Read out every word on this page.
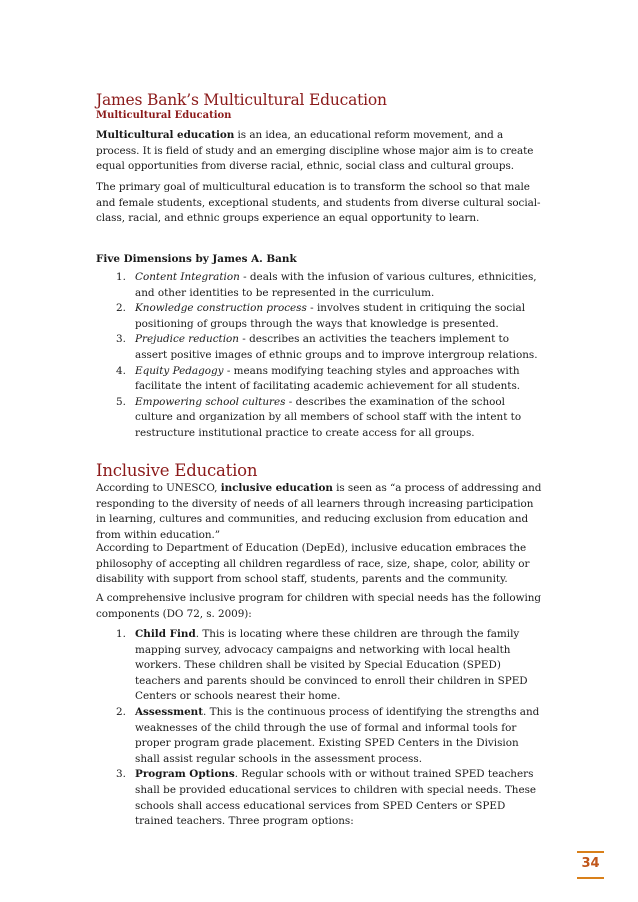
James Bank’s Multicultural Education
Multicultural Education

Multicultural education is an idea, an educational reform movement, and a process. It is field of study and an emerging discipline whose major aim is to create equal opportunities from diverse racial, ethnic, social class and cultural groups.

The primary goal of multicultural education is to transform the school so that male and female students, exceptional students, and students from diverse cultural social-class, racial, and ethnic groups experience an equal opportunity to learn.

Five Dimensions by James A. Bank
1. Content Integration - deals with the infusion of various cultures, ethnicities, and other identities to be represented in the curriculum.
2. Knowledge construction process - involves student in critiquing the social positioning of groups through the ways that knowledge is presented.
3. Prejudice reduction - describes an activities the teachers implement to assert positive images of ethnic groups and to improve intergroup relations.
4. Equity Pedagogy - means modifying teaching styles and approaches with facilitate the intent of facilitating academic achievement for all students.
5. Empowering school cultures - describes the examination of the school culture and organization by all members of school staff with the intent to restructure institutional practice to create access for all groups.
Inclusive Education

According to UNESCO, inclusive education is seen as “a process of addressing and responding to the diversity of needs of all learners through increasing participation in learning, cultures and communities, and reducing exclusion from education and from within education.”

According to Department of Education (DepEd), inclusive education embraces the philosophy of accepting all children regardless of race, size, shape, color, ability or disability with support from school staff, students, parents and the community.

A comprehensive inclusive program for children with special needs has the following components (DO 72, s. 2009):

1. Child Find. This is locating where these children are through the family mapping survey, advocacy campaigns and networking with local health workers. These children shall be visited by Special Education (SPED) teachers and parents should be convinced to enroll their children in SPED Centers or schools nearest their home.
2. Assessment. This is the continuous process of identifying the strengths and weaknesses of the child through the use of formal and informal tools for proper program grade placement. Existing SPED Centers in the Division shall assist regular schools in the assessment process.
3. Program Options. Regular schools with or without trained SPED teachers shall be provided educational services to children with special needs. These schools shall access educational services from SPED Centers or SPED trained teachers. Three program options:
34
